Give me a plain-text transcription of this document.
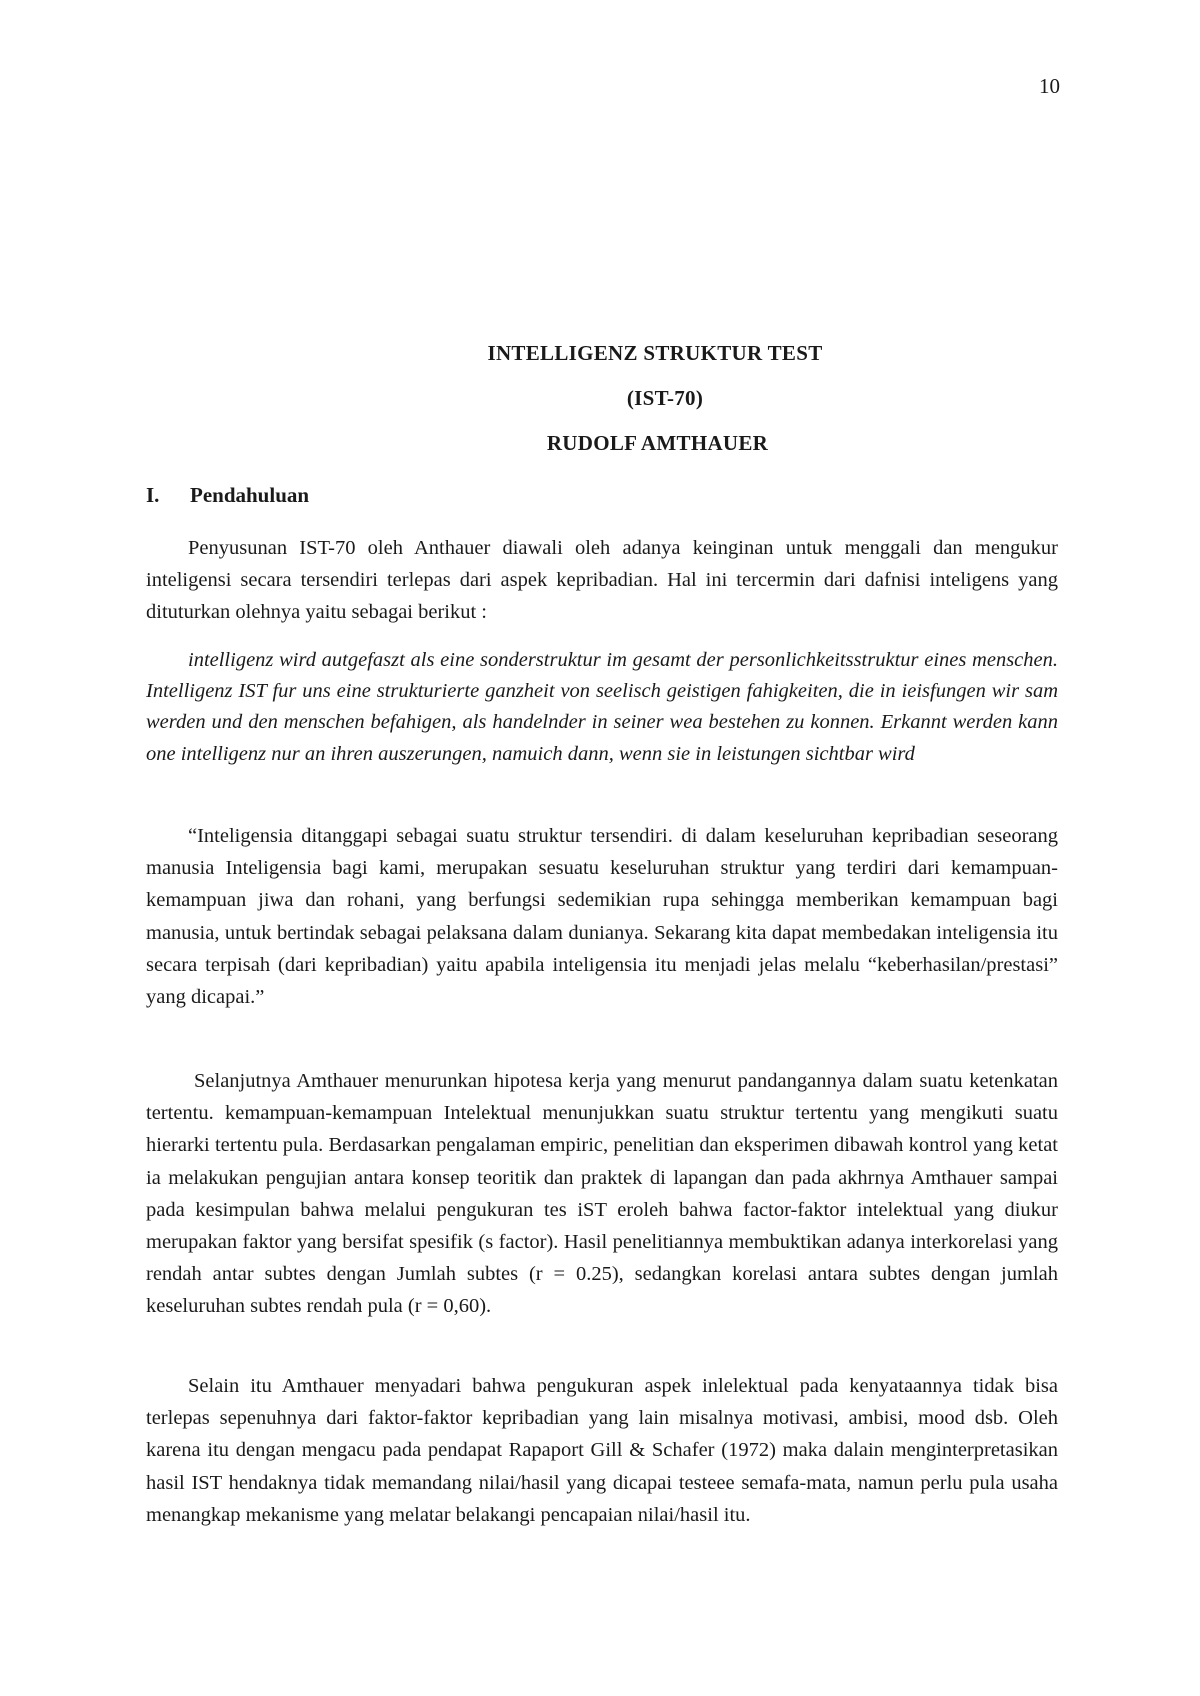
10
INTELLIGENZ STRUKTUR TEST
(IST-70)
RUDOLF AMTHAUER
I. Pendahuluan
Penyusunan IST-70 oleh Anthauer diawali oleh adanya keinginan untuk menggali dan mengukur inteligensi secara tersendiri terlepas dari aspek kepribadian. Hal ini tercermin dari dafnisi inteligens yang dituturkan olehnya yaitu sebagai berikut :
intelligenz wird autgefaszt als eine sonderstruktur im gesamt der personlichkeitsstruktur eines menschen. Intelligenz IST fur uns eine strukturierte ganzheit von seelisch geistigen fahigkeiten, die in ieisfungen wir sam werden und den menschen befahigen, als handelnder in seiner wea bestehen zu konnen. Erkannt werden kann one intelligenz nur an ihren auszerungen, namuich dann, wenn sie in leistungen sichtbar wird
“Inteligensia ditanggapi sebagai suatu struktur tersendiri. di dalam keseluruhan kepribadian seseorang manusia Inteligensia bagi kami, merupakan sesuatu keseluruhan struktur yang terdiri dari kemampuan-kemampuan jiwa dan rohani, yang berfungsi sedemikian rupa sehingga memberikan kemampuan bagi manusia, untuk bertindak sebagai pelaksana dalam dunianya. Sekarang kita dapat membedakan inteligensia itu secara terpisah (dari kepribadian) yaitu apabila inteligensia itu menjadi jelas melalu “keberhasilan/prestasi” yang dicapai.”
Selanjutnya Amthauer menurunkan hipotesa kerja yang menurut pandangannya dalam suatu ketenkatan tertentu. kemampuan-kemampuan Intelektual menunjukkan suatu struktur tertentu yang mengikuti suatu hierarki tertentu pula. Berdasarkan pengalaman empiric, penelitian dan eksperimen dibawah kontrol yang ketat ia melakukan pengujian antara konsep teoritik dan praktek di lapangan dan pada akhrnya Amthauer sampai pada kesimpulan bahwa melalui pengukuran tes iST eroleh bahwa factor-faktor intelektual yang diukur merupakan faktor yang bersifat spesifik (s factor). Hasil penelitiannya membuktikan adanya interkorelasi yang rendah antar subtes dengan Jumlah subtes (r = 0.25), sedangkan korelasi antara subtes dengan jumlah keseluruhan subtes rendah pula (r = 0,60).
Selain itu Amthauer menyadari bahwa pengukuran aspek inlelektual pada kenyataannya tidak bisa terlepas sepenuhnya dari faktor-faktor kepribadian yang lain misalnya motivasi, ambisi, mood dsb. Oleh karena itu dengan mengacu pada pendapat Rapaport Gill & Schafer (1972) maka dalain menginterpretasikan hasil IST hendaknya tidak memandang nilai/hasil yang dicapai testeee semafa-mata, namun perlu pula usaha menangkap mekanisme yang melatar belakangi pencapaian nilai/hasil itu.
